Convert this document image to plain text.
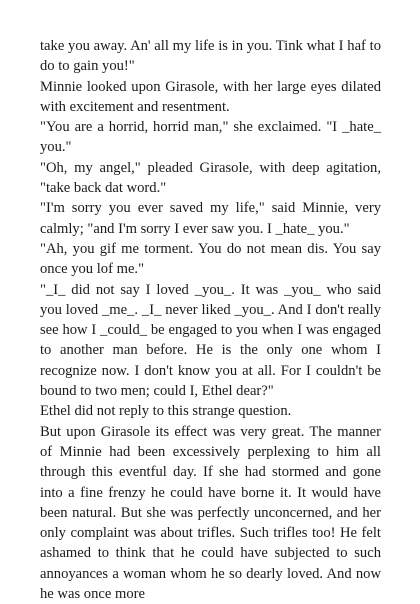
take you away. An' all my life is in you. Tink what I haf to do to gain you!"

Minnie looked upon Girasole, with her large eyes dilated with excitement and resentment.

"You are a horrid, horrid man," she exclaimed. "I _hate_ you."

"Oh, my angel," pleaded Girasole, with deep agitation, "take back dat word."

"I'm sorry you ever saved my life," said Minnie, very calmly; "and I'm sorry I ever saw you. I _hate_ you."

"Ah, you gif me torment. You do not mean dis. You say once you lof me."

"_I_ did not say I loved _you_. It was _you_ who said you loved _me_. _I_ never liked _you_. And I don't really see how I _could_ be engaged to you when I was engaged to another man before. He is the only one whom I recognize now. I don't know you at all. For I couldn't be bound to two men; could I, Ethel dear?"

Ethel did not reply to this strange question.

But upon Girasole its effect was very great. The manner of Minnie had been excessively perplexing to him all through this eventful day. If she had stormed and gone into a fine frenzy he could have borne it. It would have been natural. But she was perfectly unconcerned, and her only complaint was about trifles. Such trifles too! He felt ashamed to think that he could have subjected to such annoyances a woman whom he so dearly loved. And now he was once more
